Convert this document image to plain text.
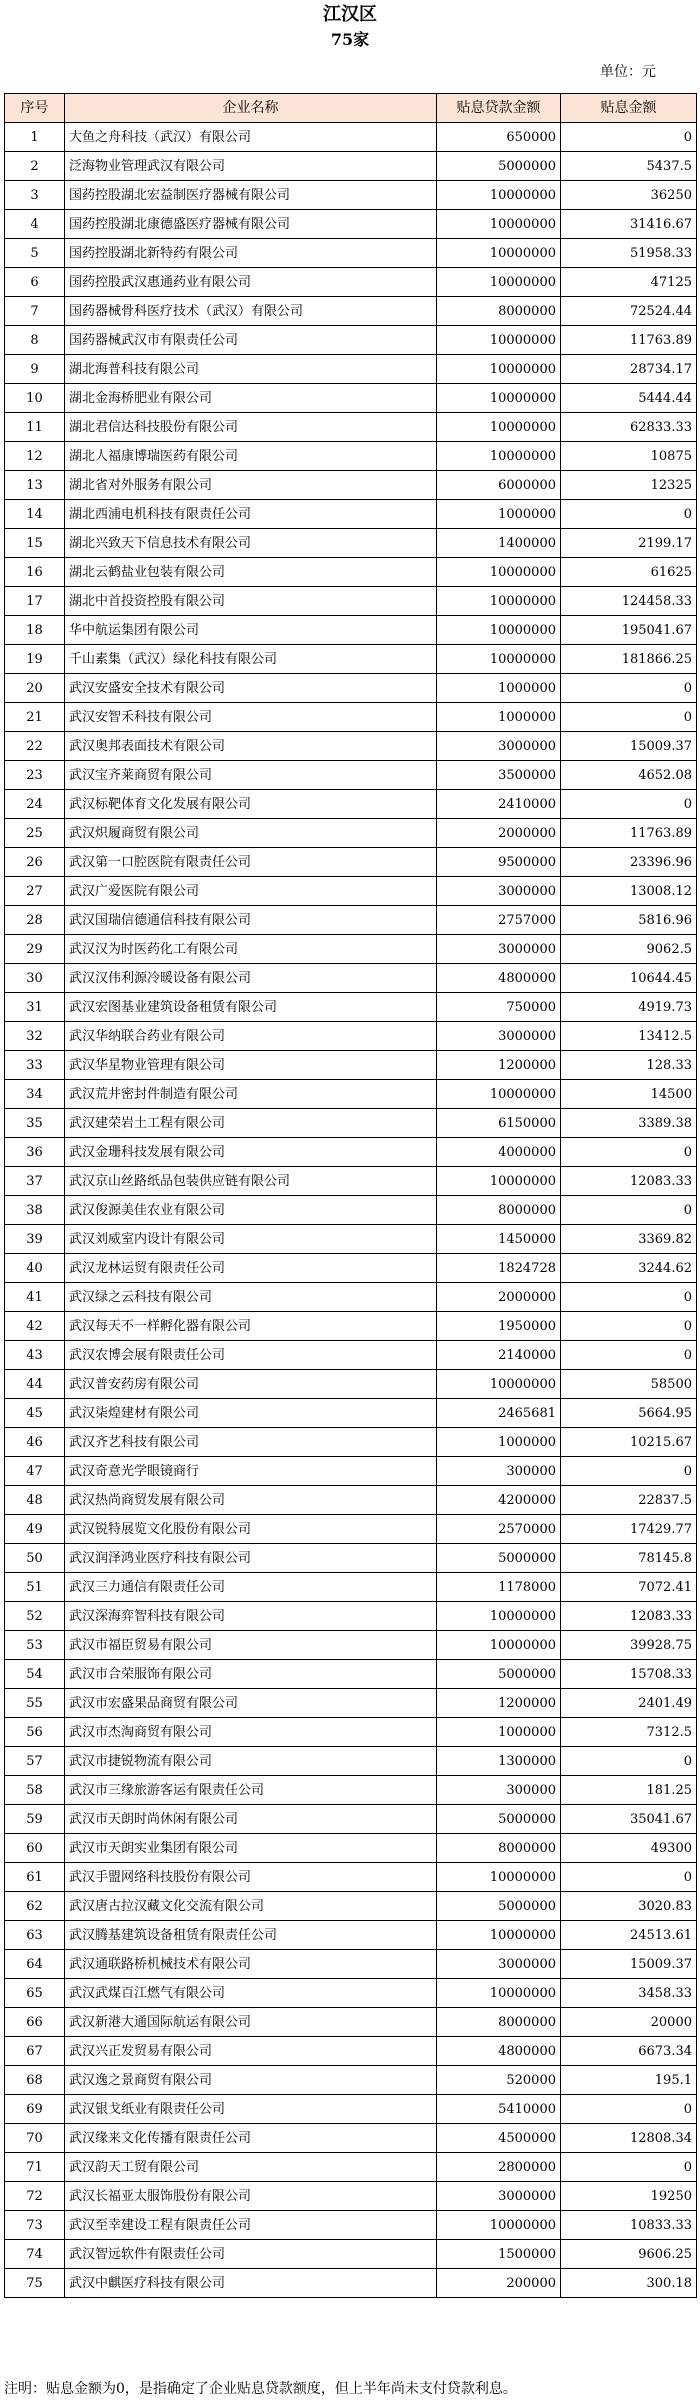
江汉区
75家
单位：元
序号	企业名称	贴息贷款金额	贴息金额
1	大鱼之舟科技（武汉）有限公司	650000	0
2	泛海物业管理武汉有限公司	5000000	5437.5
3	国药控股湖北宏益制医疗器械有限公司	10000000	36250
4	国药控股湖北康德盛医疗器械有限公司	10000000	31416.67
5	国药控股湖北新特药有限公司	10000000	51958.33
6	国药控股武汉惠通药业有限公司	10000000	47125
7	国药器械骨科医疗技术（武汉）有限公司	8000000	72524.44
8	国药器械武汉市有限责任公司	10000000	11763.89
9	湖北海普科技有限公司	10000000	28734.17
10	湖北金海桥肥业有限公司	10000000	5444.44
11	湖北君信达科技股份有限公司	10000000	62833.33
12	湖北人福康博瑞医药有限公司	10000000	10875
13	湖北省对外服务有限公司	6000000	12325
14	湖北西浦电机科技有限责任公司	1000000	0
15	湖北兴致天下信息技术有限公司	1400000	2199.17
16	湖北云鹤盐业包装有限公司	10000000	61625
17	湖北中首投资控股有限公司	10000000	124458.33
18	华中航运集团有限公司	10000000	195041.67
19	千山素集（武汉）绿化科技有限公司	10000000	181866.25
20	武汉安盛安全技术有限公司	1000000	0
21	武汉安智禾科技有限公司	1000000	0
22	武汉奥邦表面技术有限公司	3000000	15009.37
23	武汉宝齐莱商贸有限公司	3500000	4652.08
24	武汉标靶体育文化发展有限公司	2410000	0
25	武汉炽履商贸有限公司	2000000	11763.89
26	武汉第一口腔医院有限责任公司	9500000	23396.96
27	武汉广爱医院有限公司	3000000	13008.12
28	武汉国瑞信德通信科技有限公司	2757000	5816.96
29	武汉汉为时医药化工有限公司	3000000	9062.5
30	武汉汉伟利源冷暖设备有限公司	4800000	10644.45
31	武汉宏图基业建筑设备租赁有限公司	750000	4919.73
32	武汉华纳联合药业有限公司	3000000	13412.5
33	武汉华星物业管理有限公司	1200000	128.33
34	武汉荒井密封件制造有限公司	10000000	14500
35	武汉建荣岩土工程有限公司	6150000	3389.38
36	武汉金珊科技发展有限公司	4000000	0
37	武汉京山丝路纸品包装供应链有限公司	10000000	12083.33
38	武汉俊源美佳农业有限公司	8000000	0
39	武汉刘威室内设计有限公司	1450000	3369.82
40	武汉龙林运贸有限责任公司	1824728	3244.62
41	武汉绿之云科技有限公司	2000000	0
42	武汉每天不一样孵化器有限公司	1950000	0
43	武汉农博会展有限责任公司	2140000	0
44	武汉普安药房有限公司	10000000	58500
45	武汉柒煌建材有限公司	2465681	5664.95
46	武汉齐艺科技有限公司	1000000	10215.67
47	武汉奇意光学眼镜商行	300000	0
48	武汉热尚商贸发展有限公司	4200000	22837.5
49	武汉锐特展览文化股份有限公司	2570000	17429.77
50	武汉润泽鸿业医疗科技有限公司	5000000	78145.8
51	武汉三力通信有限责任公司	1178000	7072.41
52	武汉深海弈智科技有限公司	10000000	12083.33
53	武汉市福臣贸易有限公司	10000000	39928.75
54	武汉市合荣服饰有限公司	5000000	15708.33
55	武汉市宏盛果品商贸有限公司	1200000	2401.49
56	武汉市杰淘商贸有限公司	1000000	7312.5
57	武汉市捷锐物流有限公司	1300000	0
58	武汉市三缘旅游客运有限责任公司	300000	181.25
59	武汉市天朗时尚休闲有限公司	5000000	35041.67
60	武汉市天朗实业集团有限公司	8000000	49300
61	武汉手盟网络科技股份有限公司	10000000	0
62	武汉唐古拉汉藏文化交流有限公司	5000000	3020.83
63	武汉腾基建筑设备租赁有限责任公司	10000000	24513.61
64	武汉通联路桥机械技术有限公司	3000000	15009.37
65	武汉武煤百江燃气有限公司	10000000	3458.33
66	武汉新港大通国际航运有限公司	8000000	20000
67	武汉兴正发贸易有限公司	4800000	6673.34
68	武汉逸之景商贸有限公司	520000	195.1
69	武汉银戈纸业有限责任公司	5410000	0
70	武汉缘来文化传播有限责任公司	4500000	12808.34
71	武汉韵天工贸有限公司	2800000	0
72	武汉长福亚太服饰股份有限公司	3000000	19250
73	武汉至幸建设工程有限责任公司	10000000	10833.33
74	武汉智远软件有限责任公司	1500000	9606.25
75	武汉中麒医疗科技有限公司	200000	300.18
注明：贴息金额为0，是指确定了企业贴息贷款额度，但上半年尚未支付贷款利息。
